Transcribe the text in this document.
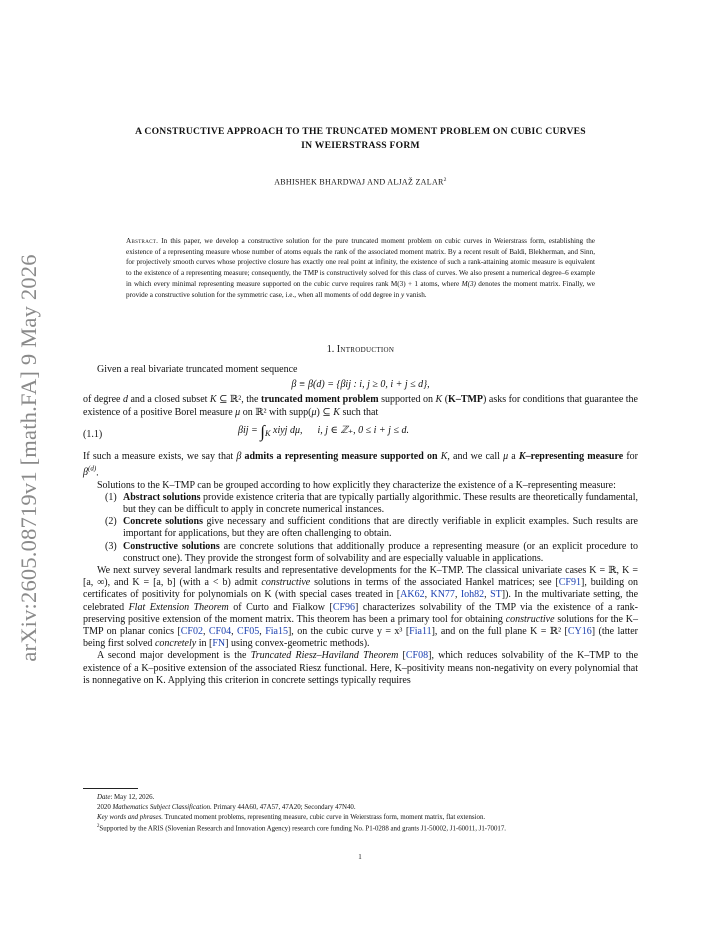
arXiv:2605.08719v1 [math.FA] 9 May 2026
A CONSTRUCTIVE APPROACH TO THE TRUNCATED MOMENT PROBLEM ON CUBIC CURVES
IN WEIERSTRASS FORM
ABHISHEK BHARDWAJ AND ALJAŽ ZALAR$^2$
Abstract. In this paper, we develop a constructive solution for the pure truncated moment problem on cubic curves in Weierstrass form, establishing the existence of a representing measure whose number of atoms equals the rank of the associated moment matrix. By a recent result of Baldi, Blekherman, and Sinn, for projectively smooth curves whose projective closure has exactly one real point at infinity, the existence of such a rank-attaining atomic measure is equivalent to the existence of a representing measure; consequently, the TMP is constructively solved for this class of curves. We also present a numerical degree–6 example in which every minimal representing measure supported on the cubic curve requires rank M(3) + 1 atoms, where M(3) denotes the moment matrix. Finally, we provide a constructive solution for the symmetric case, i.e., when all moments of odd degree in y vanish.
1. Introduction

Given a real bivariate truncated moment sequence

β ≡ β(d) = {βij : i, j ≥ 0, i + j ≤ d},

of degree d and a closed subset K ⊆ ℝ², the truncated moment problem supported on K (K–TMP) asks for conditions that guarantee the existence of a positive Borel measure μ on ℝ² with supp(μ) ⊆ K such that

(1.1)	$\beta ij = \int_K$ xiyj dμ, i, j ∈ ℤ₊, 0 ≤ i + j ≤ d.

If such a measure exists, we say that β admits a representing measure supported on K, and we call μ a K–representing measure for $\beta^{(d)}$.

Solutions to the K–TMP can be grouped according to how explicitly they characterize the existence of a K–representing measure:

(1) Abstract solutions provide existence criteria that are typically partially algorithmic. These results are theoretically fundamental, but they can be difficult to apply in concrete numerical instances.
(2) Concrete solutions give necessary and sufficient conditions that are directly verifiable in explicit examples. Such results are important for applications, but they are often challenging to obtain.
(3) Constructive solutions are concrete solutions that additionally produce a representing measure (or an explicit procedure to construct one). They provide the strongest form of solvability and are especially valuable in applications.

We next survey several landmark results and representative developments for the K–TMP. The classical univariate cases K = ℝ, K = [a, ∞), and K = [a, b] (with a < b) admit constructive solutions in terms of the associated Hankel matrices; see [CF91], building on certificates of positivity for polynomials on K (with special cases treated in [AK62, KN77, Ioh82, ST]). In the multivariate setting, the celebrated Flat Extension Theorem of Curto and Fialkow [CF96] characterizes solvability of the TMP via the existence of a rank-preserving positive extension of the moment matrix. This theorem has been a primary tool for obtaining constructive solutions for the K–TMP on planar conics [CF02, CF04, CF05, Fia15], on the cubic curve y = x³ [Fia11], and on the full plane K = ℝ² [CY16] (the latter being first solved concretely in [FN] using convex-geometric methods).

A second major development is the Truncated Riesz–Haviland Theorem [CF08], which reduces solvability of the K–TMP to the existence of a K–positive extension of the associated Riesz functional. Here, K–positivity means non-negativity on every polynomial that is nonnegative on K. Applying this criterion in concrete settings typically requires

Date: May 12, 2026.

2020 Mathematics Subject Classification. Primary 44A60, 47A57, 47A20; Secondary 47N40.

Key words and phrases. Truncated moment problems, representing measure, cubic curve in Weierstrass form, moment matrix, flat extension.

$^2$Supported by the ARIS (Slovenian Research and Innovation Agency) research core funding No. P1-0288 and grants J1-50002, J1-60011, J1-70017.

1
